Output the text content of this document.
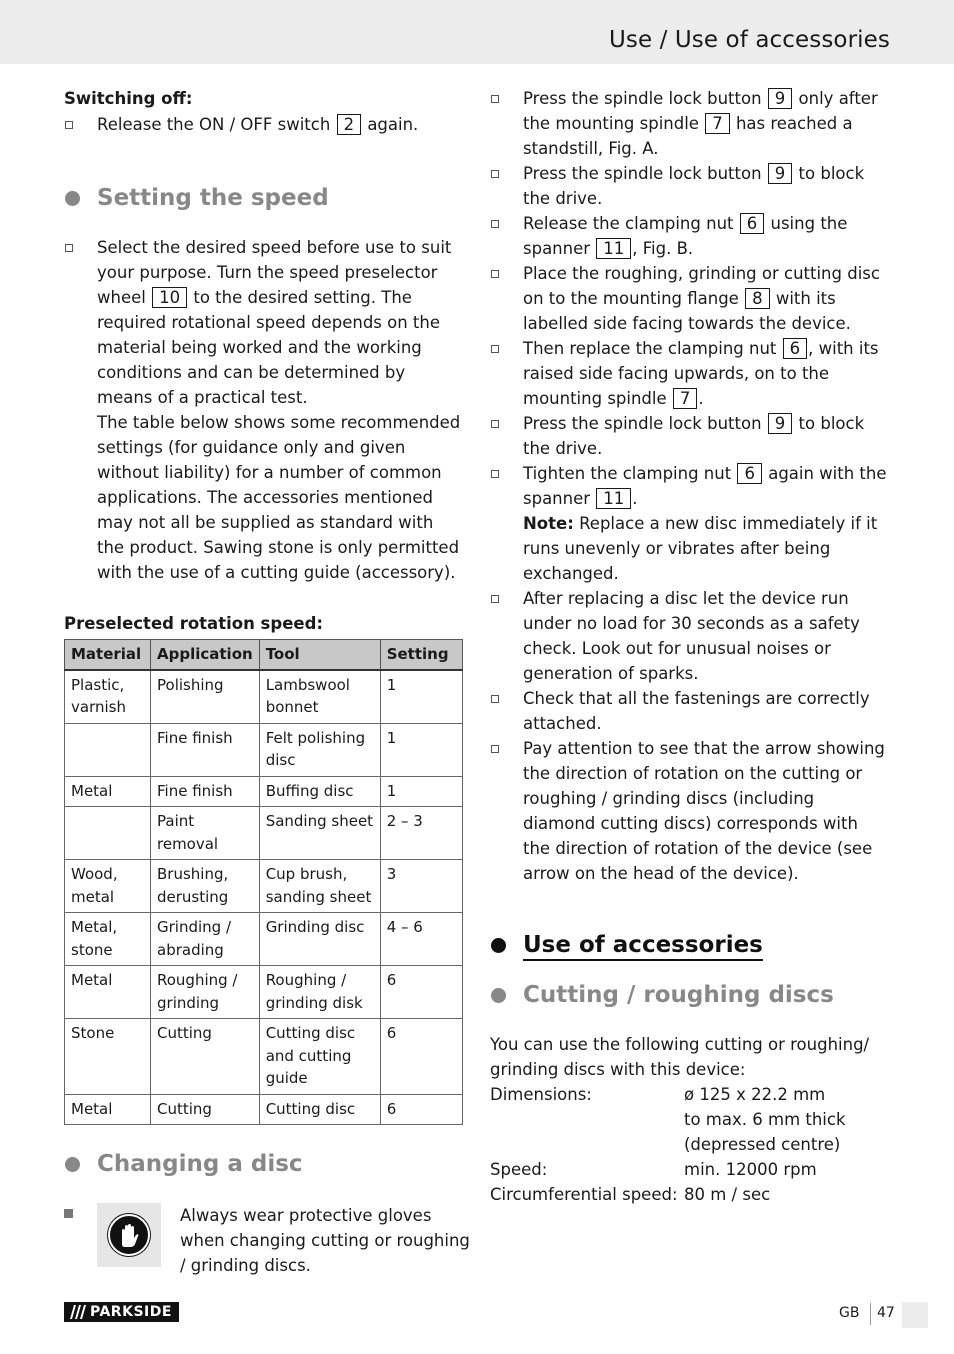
Use / Use of accessories
Switching off:
Release the ON / OFF switch 2 again.
Setting the speed
Select the desired speed before use to suit your purpose. Turn the speed preselector wheel 10 to the desired setting. The required rotational speed depends on the material being worked and the working conditions and can be determined by means of a practical test.
The table below shows some recommended settings (for guidance only and given without liability) for a number of common applications. The accessories mentioned may not all be supplied as standard with the product. Sawing stone is only permitted with the use of a cutting guide (accessory).
Preselected rotation speed:
Material	Application	Tool	Setting
Plastic, varnish	Polishing	Lambswool bonnet	1
	Fine finish	Felt polishing disc	1
Metal	Fine finish	Buffing disc	1
	Paint removal	Sanding sheet	2 – 3
Wood, metal	Brushing, derusting	Cup brush, sanding sheet	3
Metal, stone	Grinding / abrading	Grinding disc	4 – 6
Metal	Roughing / grinding	Roughing / grinding disk	6
Stone	Cutting	Cutting disc and cutting guide	6
Metal	Cutting	Cutting disc	6
Changing a disc
Always wear protective gloves when changing cutting or roughing / grinding discs.
Press the spindle lock button 9 only after the mounting spindle 7 has reached a standstill, Fig. A.
Press the spindle lock button 9 to block the drive.
Release the clamping nut 6 using the spanner 11 , Fig. B.
Place the roughing, grinding or cutting disc on to the mounting flange 8 with its labelled side facing towards the device.
Then replace the clamping nut 6 , with its raised side facing upwards, on to the mounting spindle 7 .
Press the spindle lock button 9 to block the drive.
Tighten the clamping nut 6 again with the spanner 11 .
Note: Replace a new disc immediately if it runs unevenly or vibrates after being exchanged.
After replacing a disc let the device run under no load for 30 seconds as a safety check. Look out for unusual noises or generation of sparks.
Check that all the fastenings are correctly attached.
Pay attention to see that the arrow showing the direction of rotation on the cutting or roughing / grinding discs (including diamond cutting discs) corresponds with the direction of rotation of the device (see arrow on the head of the device).
Use of accessories
Cutting / roughing discs
You can use the following cutting or roughing/ grinding discs with this device:
Dimensions:	ø 125 x 22.2 mm
to max. 6 mm thick
(depressed centre)
Speed:	min. 12000 rpm
Circumferential speed: 80 m / sec
PARKSIDE	GB 47
